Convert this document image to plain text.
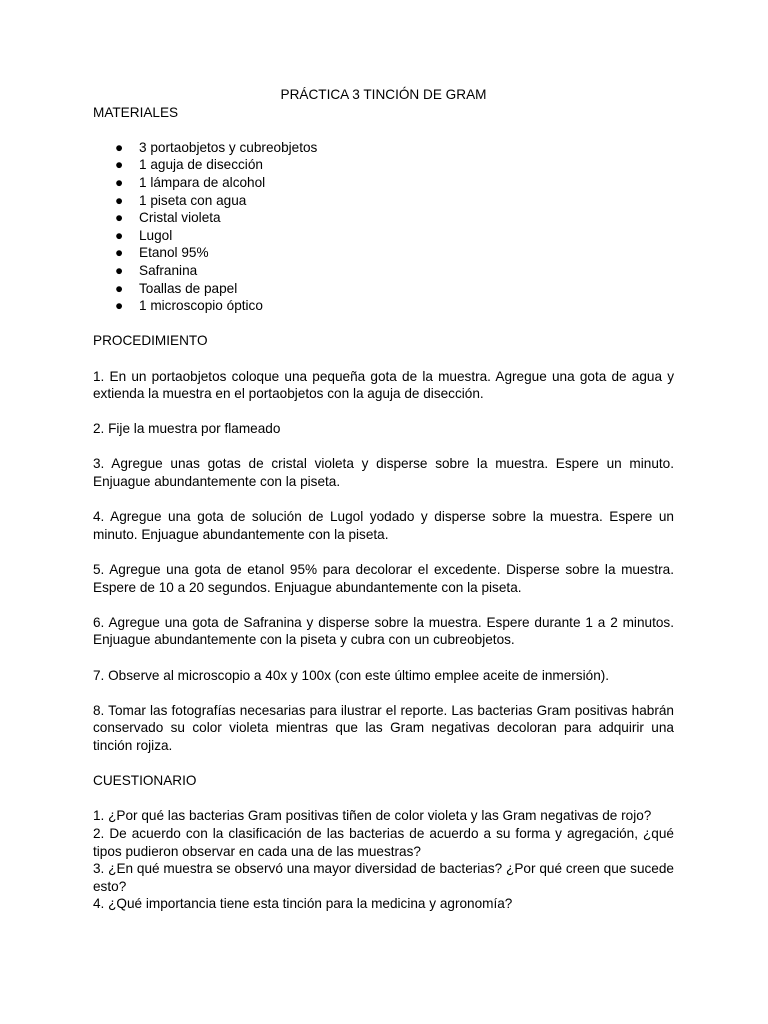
PRÁCTICA 3 TINCIÓN DE GRAM
MATERIALES
● 3 portaobjetos y cubreobjetos
● 1 aguja de disección
● 1 lámpara de alcohol
● 1 piseta con agua
● Cristal violeta
● Lugol
● Etanol 95%
● Safranina
● Toallas de papel
● 1 microscopio óptico
PROCEDIMIENTO

1. En un portaobjetos coloque una pequeña gota de la muestra. Agregue una gota de agua y extienda la muestra en el portaobjetos con la aguja de disección.

2. Fije la muestra por flameado

3. Agregue unas gotas de cristal violeta y disperse sobre la muestra. Espere un minuto. Enjuague abundantemente con la piseta.

4. Agregue una gota de solución de Lugol yodado y disperse sobre la muestra. Espere un minuto. Enjuague abundantemente con la piseta.

5. Agregue una gota de etanol 95% para decolorar el excedente. Disperse sobre la muestra. Espere de 10 a 20 segundos. Enjuague abundantemente con la piseta.

6. Agregue una gota de Safranina y disperse sobre la muestra. Espere durante 1 a 2 minutos. Enjuague abundantemente con la piseta y cubra con un cubreobjetos.

7. Observe al microscopio a 40x y 100x (con este último emplee aceite de inmersión).

8. Tomar las fotografías necesarias para ilustrar el reporte. Las bacterias Gram positivas habrán conservado su color violeta mientras que las Gram negativas decoloran para adquirir una tinción rojiza.

CUESTIONARIO

1. ¿Por qué las bacterias Gram positivas tiñen de color violeta y las Gram negativas de rojo?

2. De acuerdo con la clasificación de las bacterias de acuerdo a su forma y agregación, ¿qué tipos pudieron observar en cada una de las muestras?

3. ¿En qué muestra se observó una mayor diversidad de bacterias? ¿Por qué creen que sucede esto?

4. ¿Qué importancia tiene esta tinción para la medicina y agronomía?
